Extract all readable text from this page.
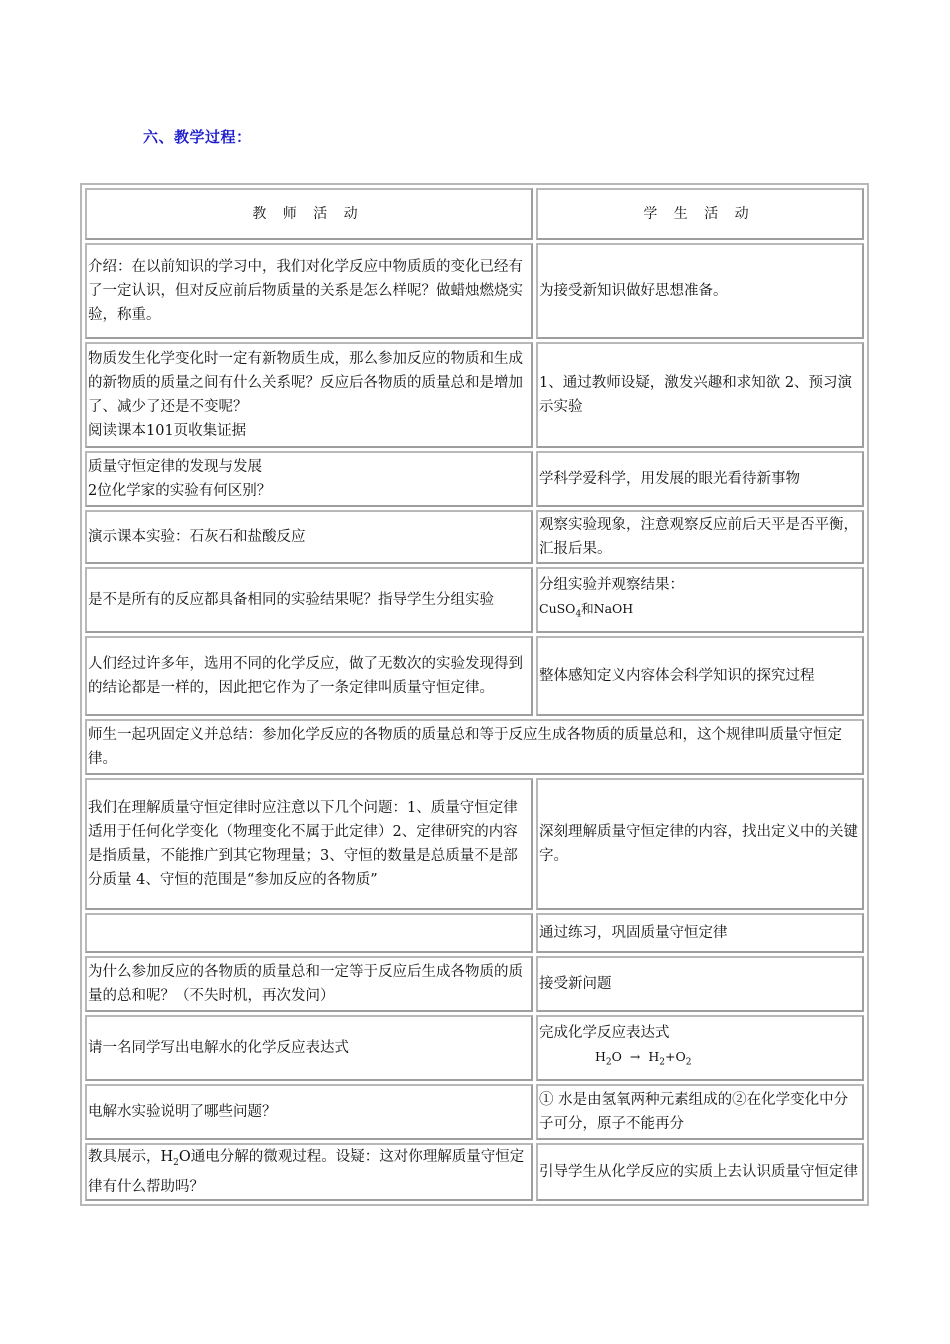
六、教学过程：
教 师 活 动	学 生 活 动
介绍：在以前知识的学习中，我们对化学反应中物质质的变化已经有了一定认识，但对反应前后物质量的关系是怎么样呢？做蜡烛燃烧实验，称重。	为接受新知识做好思想准备。

物质发生化学变化时一定有新物质生成，那么参加反应的物质和生成的新物质的质量之间有什么关系呢？反应后各物质的质量总和是增加了、减少了还是不变呢？
阅读课本101页收集证据	1、通过教师设疑，激发兴趣和求知欲 2、预习演示实验

质量守恒定律的发现与发展
2位化学家的实验有何区别？	学科学爱科学，用发展的眼光看待新事物
演示课本实验：石灰石和盐酸反应	观察实验现象，注意观察反应前后天平是否平衡，汇报后果。
是不是所有的反应都具备相同的实验结果呢？指导学生分组实验	分组实验并观察结果：
CuSO$_4$和NaOH

人们经过许多年，选用不同的化学反应，做了无数次的实验发现得到的结论都是一样的，因此把它作为了一条定律叫质量守恒定律。	整体感知定义内容体会科学知识的探究过程
师生一起巩固定义并总结：参加化学反应的各物质的质量总和等于反应生成各物质的质量总和，这个规律叫质量守恒定律。	
我们在理解质量守恒定律时应注意以下几个问题：1、质量守恒定律适用于任何化学变化（物理变化不属于此定律）2、定律研究的内容是指质量，不能推广到其它物理量；3、守恒的数量是总质量不是部分质量 4、守恒的范围是“参加反应的各物质”	深刻理解质量守恒定律的内容，找出定义中的关键字。
	通过练习，巩固质量守恒定律
为什么参加反应的各物质的质量总和一定等于反应后生成各物质的质量的总和呢？（不失时机，再次发问）	接受新问题
请一名同学写出电解水的化学反应表达式	完成化学反应表达式
$H_2O \to H_2+O_2$

电解水实验说明了哪些问题？	① 水是由氢氧两种元素组成的②在化学变化中分子可分，原子不能再分
教具展示，$H_2O$通电分解的微观过程。设疑：这对你理解质量守恒定律有什么帮助吗？	引导学生从化学反应的实质上去认识质量守恒定律
